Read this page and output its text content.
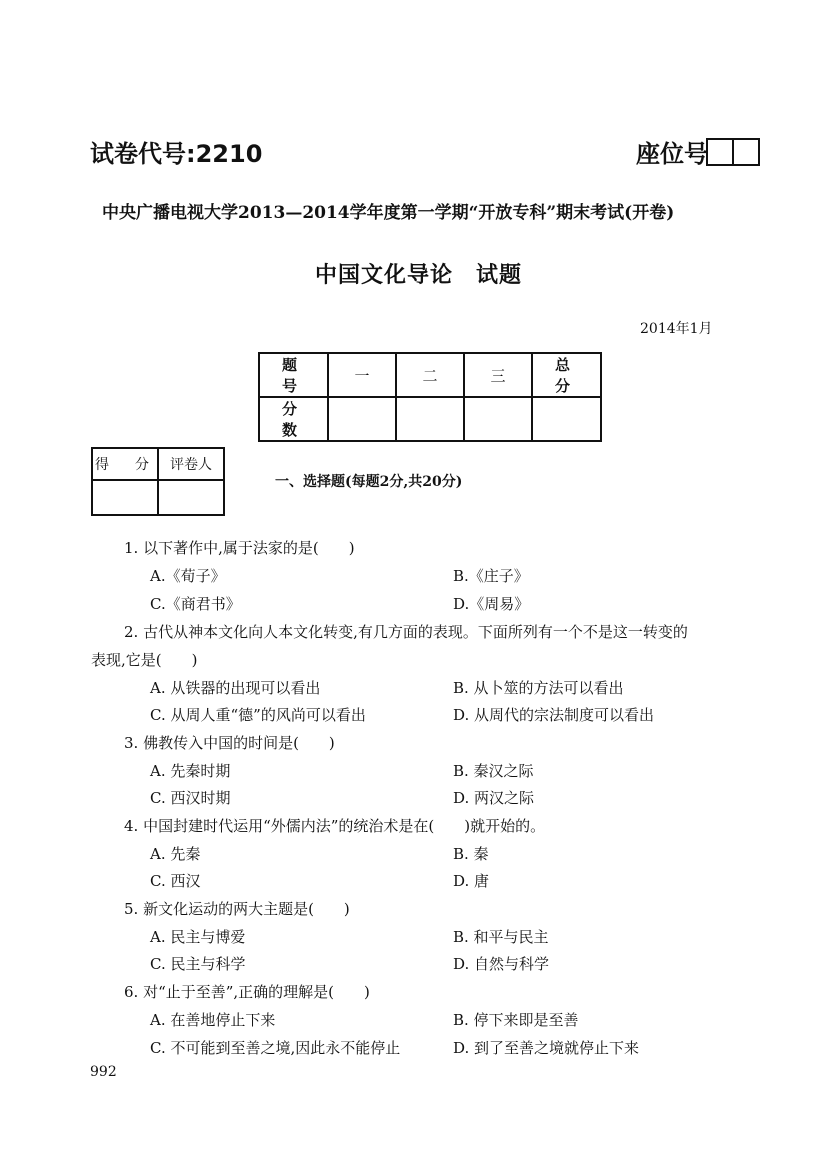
试卷代号:2210	座位号
中央广播电视大学2013—2014学年度第一学期“开放专科”期末考试(开卷)
中国文化导论　试题
2014年1月
题　号	一	二	三	总　分
分　数				
得　分	评卷人

一、选择题(每题2分,共20分)
1. 以下著作中,属于法家的是(　　)
A.《荀子》	B.《庄子》
C.《商君书》	D.《周易》
2. 古代从神本文化向人本文化转变,有几方面的表现。下面所列有一个不是这一转变的
表现,它是(　　)
A. 从铁器的出现可以看出	B. 从卜筮的方法可以看出
C. 从周人重“德”的风尚可以看出	D. 从周代的宗法制度可以看出
3. 佛教传入中国的时间是(　　)
A. 先秦时期	B. 秦汉之际
C. 西汉时期	D. 两汉之际
4. 中国封建时代运用“外儒内法”的统治术是在(　　)就开始的。
A. 先秦	B. 秦
C. 西汉	D. 唐
5. 新文化运动的两大主题是(　　)
A. 民主与博爱	B. 和平与民主
C. 民主与科学	D. 自然与科学
6. 对“止于至善”,正确的理解是(　　)
A. 在善地停止下来	B. 停下来即是至善
C. 不可能到至善之境,因此永不能停止	D. 到了至善之境就停止下来
992
